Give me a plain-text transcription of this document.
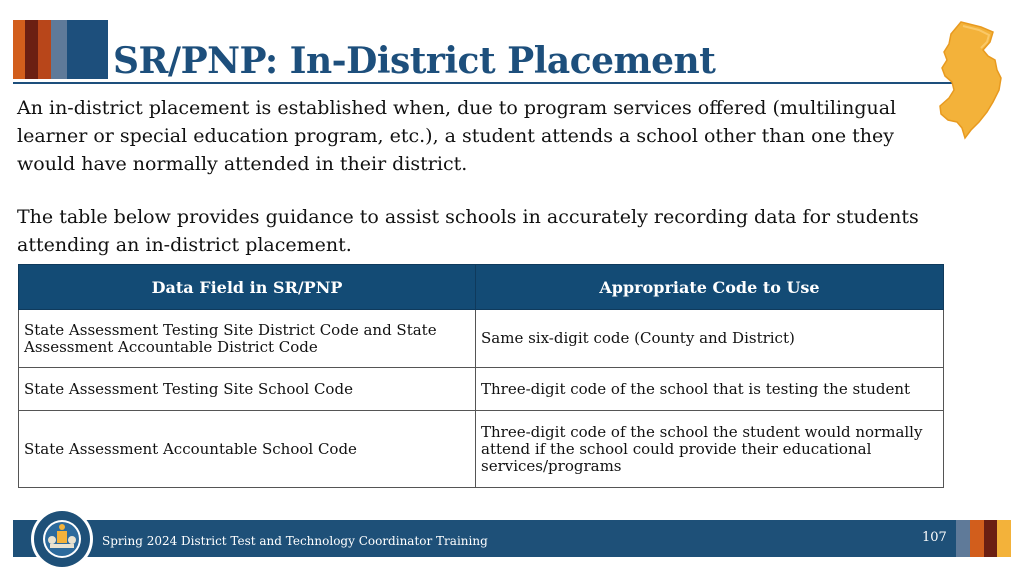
SR/PNP: In-District Placement
An in-district placement is established when, due to program services offered (multilingual learner or special education program, etc.), a student attends a school other than one they would have normally attended in their district.
The table below provides guidance to assist schools in accurately recording data for students attending an in-district placement.
Data Field in SR/PNP	Appropriate Code to Use
State Assessment Testing Site District Code and State Assessment Accountable District Code	Same six-digit code (County and District)
State Assessment Testing Site School Code	Three-digit code of the school that is testing the student
State Assessment Accountable School Code	Three-digit code of the school the student would normally attend if the school could provide their educational services/programs
Spring 2024 District Test and Technology Coordinator Training	107
